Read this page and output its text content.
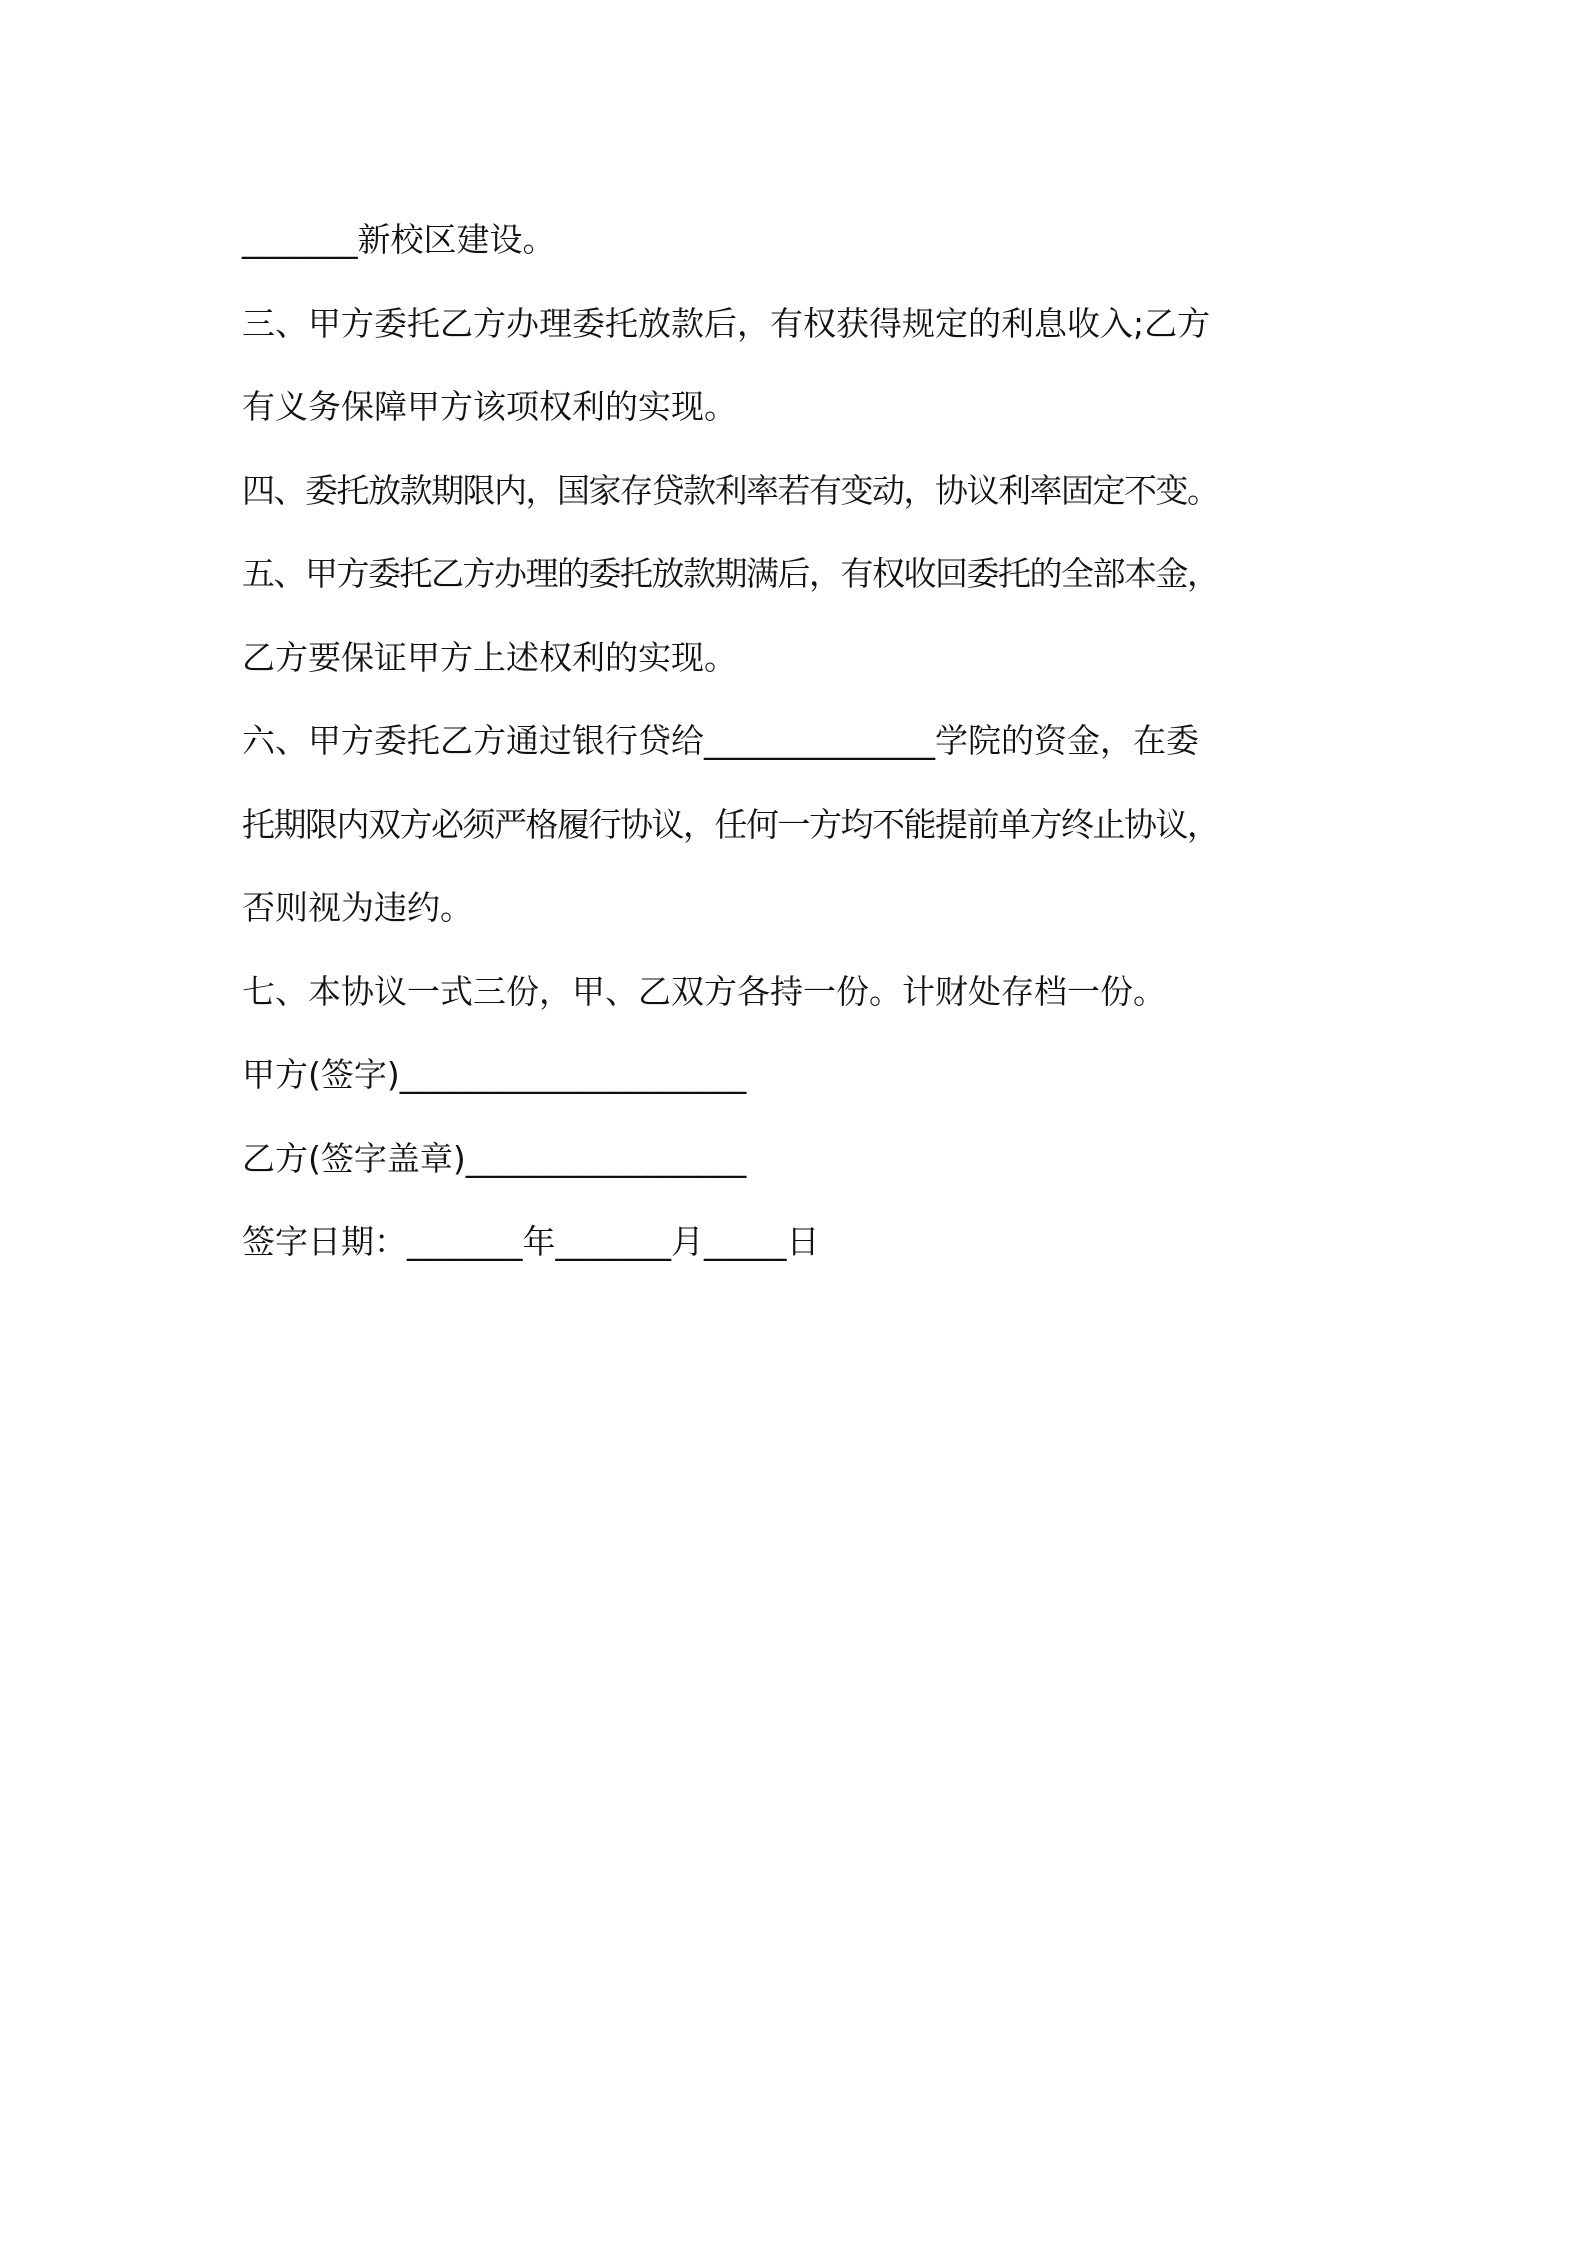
_______新校区建设。

三、甲方委托乙方办理委托放款后，有权获得规定的利息收入;乙方

有义务保障甲方该项权利的实现。

四、委托放款期限内，国家存贷款利率若有变动，协议利率固定不变。

五、甲方委托乙方办理的委托放款期满后，有权收回委托的全部本金，

乙方要保证甲方上述权利的实现。

六、甲方委托乙方通过银行贷给______________学院的资金，在委

托期限内双方必须严格履行协议，任何一方均不能提前单方终止协议，

否则视为违约。

七、本协议一式三份，甲、乙双方各持一份。计财处存档一份。

甲方(签字)_____________________

乙方(签字盖章)_________________

签字日期：_______年_______月_____日
